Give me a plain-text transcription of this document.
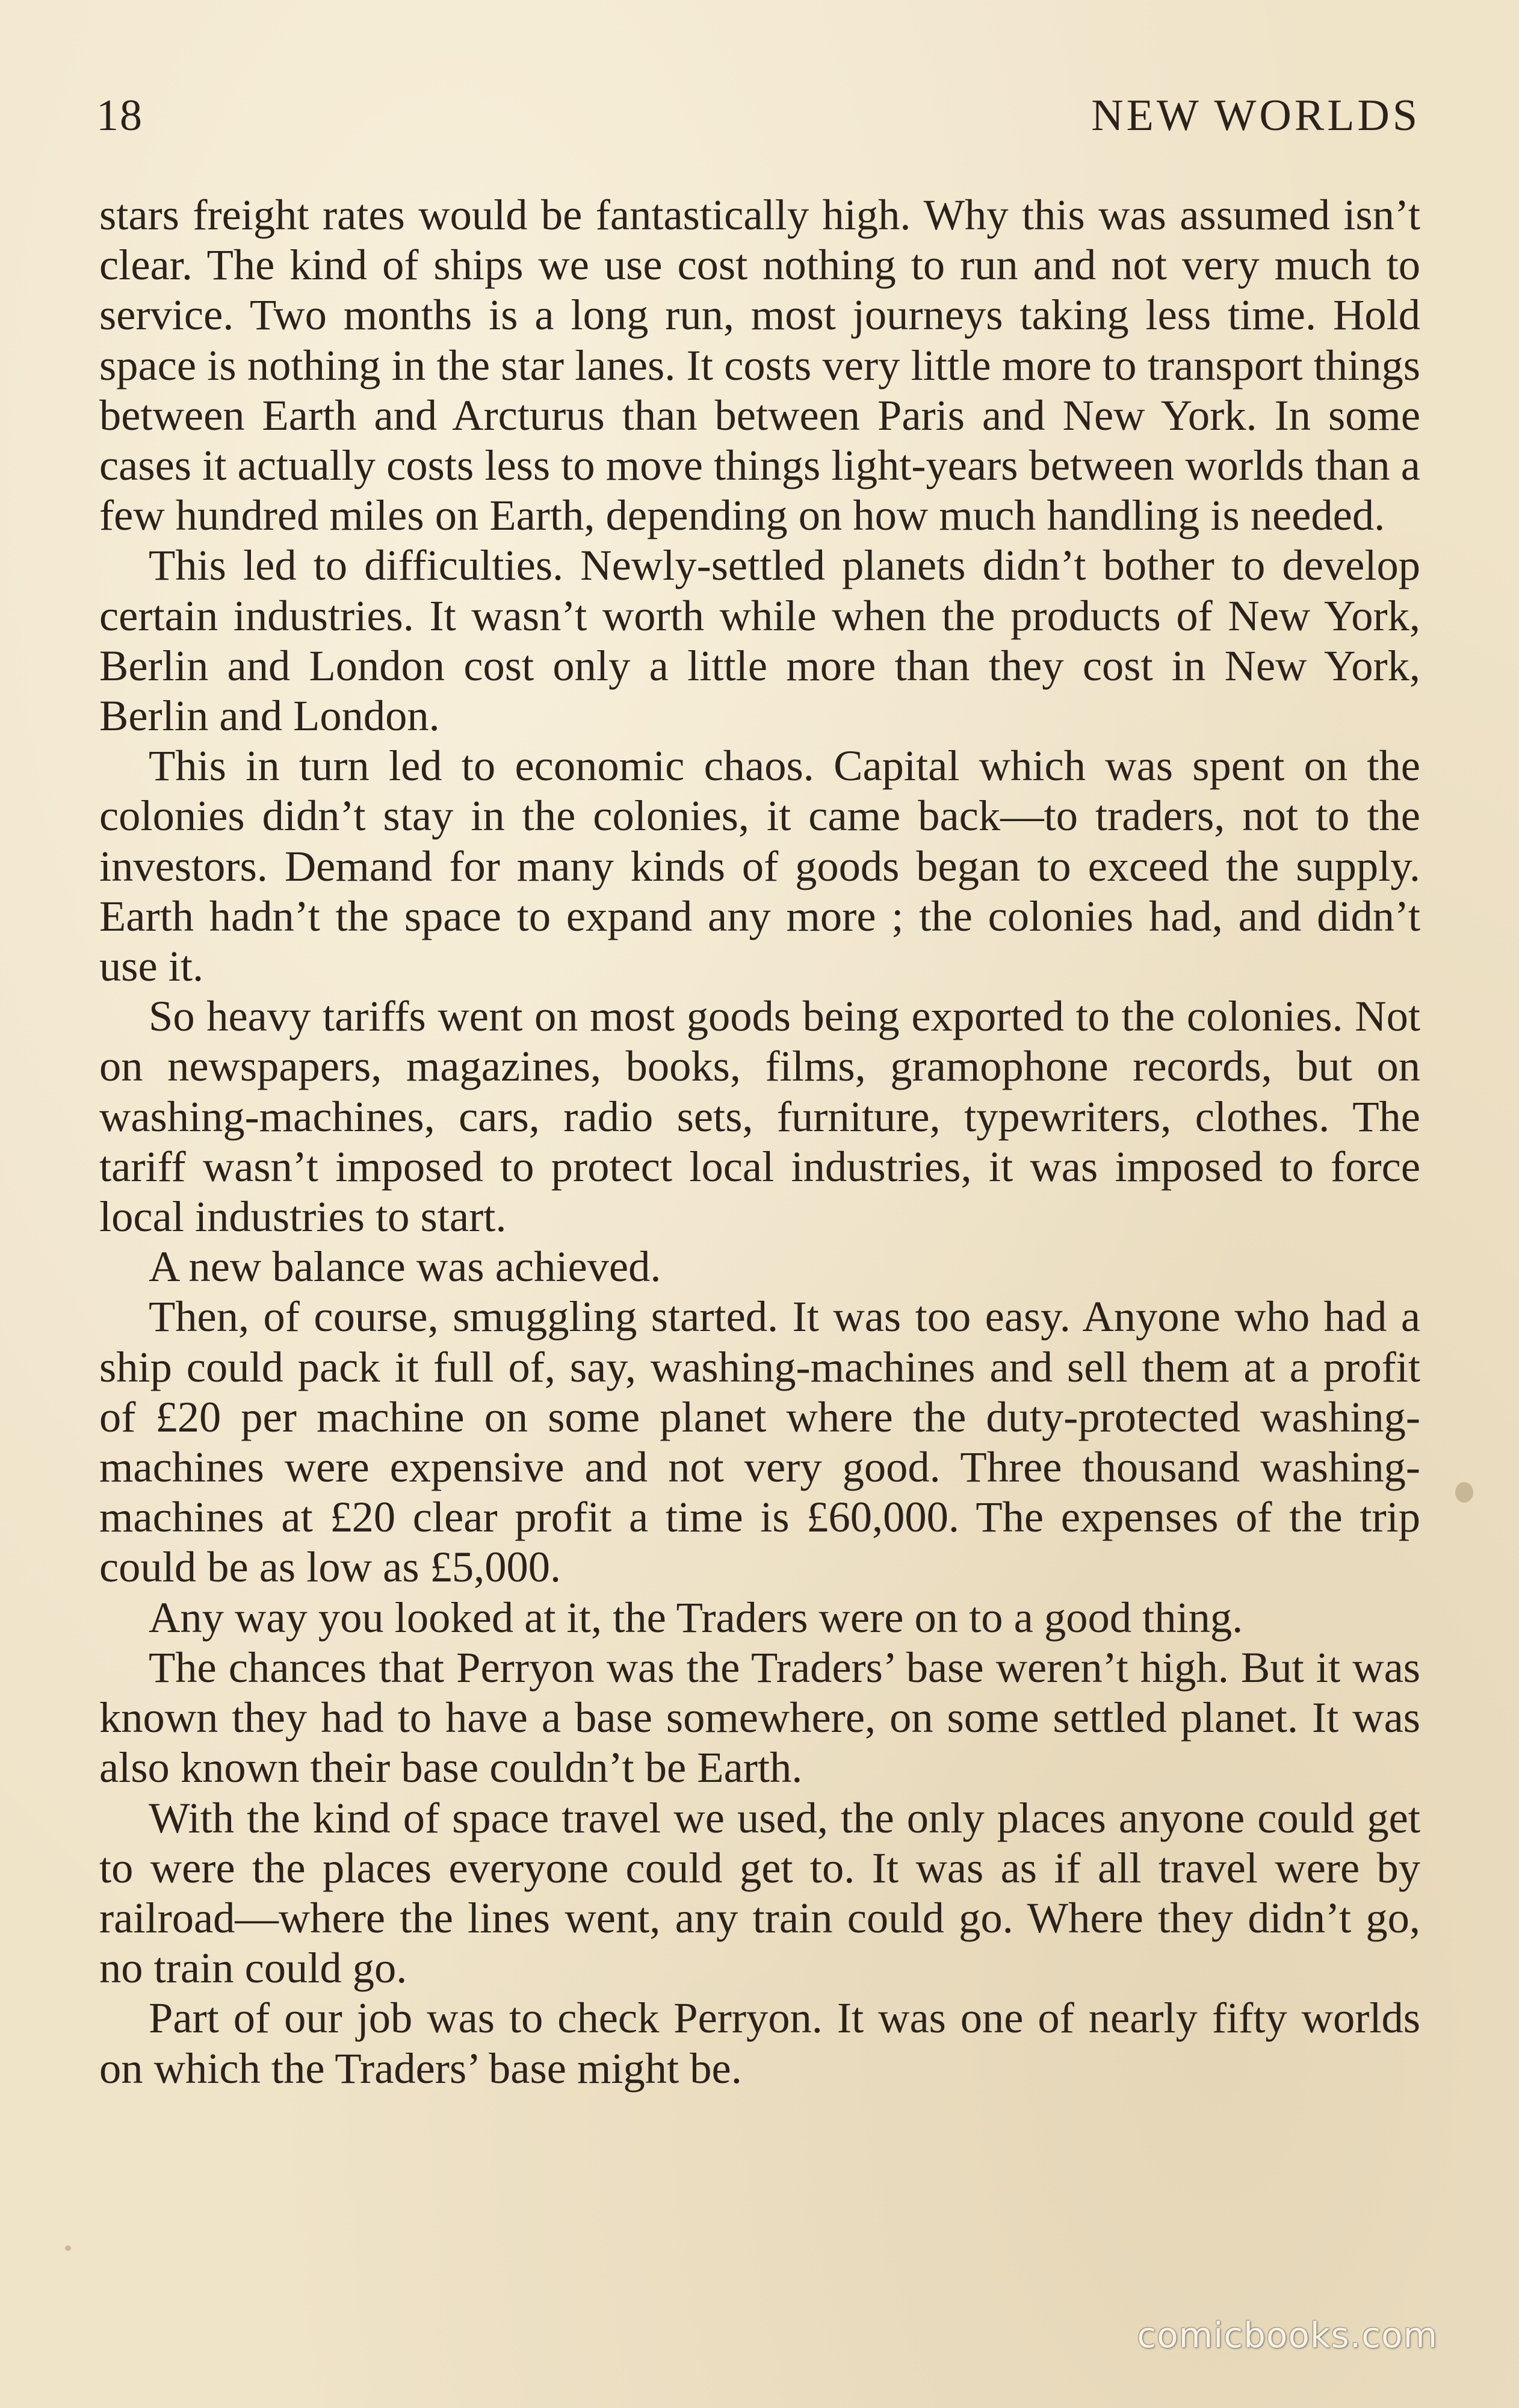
18	NEW WORLDS

stars freight rates would be fantastically high. Why this was assumed isn’t clear. The kind of ships we use cost nothing to run and not very much to service. Two months is a long run, most journeys taking less time. Hold space is nothing in the star lanes. It costs very little more to transport things between Earth and Arcturus than between Paris and New York. In some cases it actually costs less to move things light-years between worlds than a few hundred miles on Earth, depending on how much handling is needed.

This led to difficulties. Newly-settled planets didn’t bother to develop certain industries. It wasn’t worth while when the products of New York, Berlin and London cost only a little more than they cost in New York, Berlin and London.

This in turn led to economic chaos. Capital which was spent on the colonies didn’t stay in the colonies, it came back—to traders, not to the investors. Demand for many kinds of goods began to exceed the supply. Earth hadn’t the space to expand any more ; the colonies had, and didn’t use it.

So heavy tariffs went on most goods being exported to the colonies. Not on newspapers, magazines, books, films, gramophone records, but on washing-machines, cars, radio sets, furniture, typewriters, clothes. The tariff wasn’t imposed to protect local industries, it was imposed to force local industries to start.

A new balance was achieved.

Then, of course, smuggling started. It was too easy. Anyone who had a ship could pack it full of, say, washing-machines and sell them at a profit of £20 per machine on some planet where the duty-protected washing-machines were expensive and not very good. Three thousand washing-machines at £20 clear profit a time is £60,000. The expenses of the trip could be as low as £5,000.

Any way you looked at it, the Traders were on to a good thing.

The chances that Perryon was the Traders’ base weren’t high. But it was known they had to have a base somewhere, on some settled planet. It was also known their base couldn’t be Earth.

With the kind of space travel we used, the only places anyone could get to were the places everyone could get to. It was as if all travel were by railroad—where the lines went, any train could go. Where they didn’t go, no train could go.

Part of our job was to check Perryon. It was one of nearly fifty worlds on which the Traders’ base might be.

comicbooks.com
